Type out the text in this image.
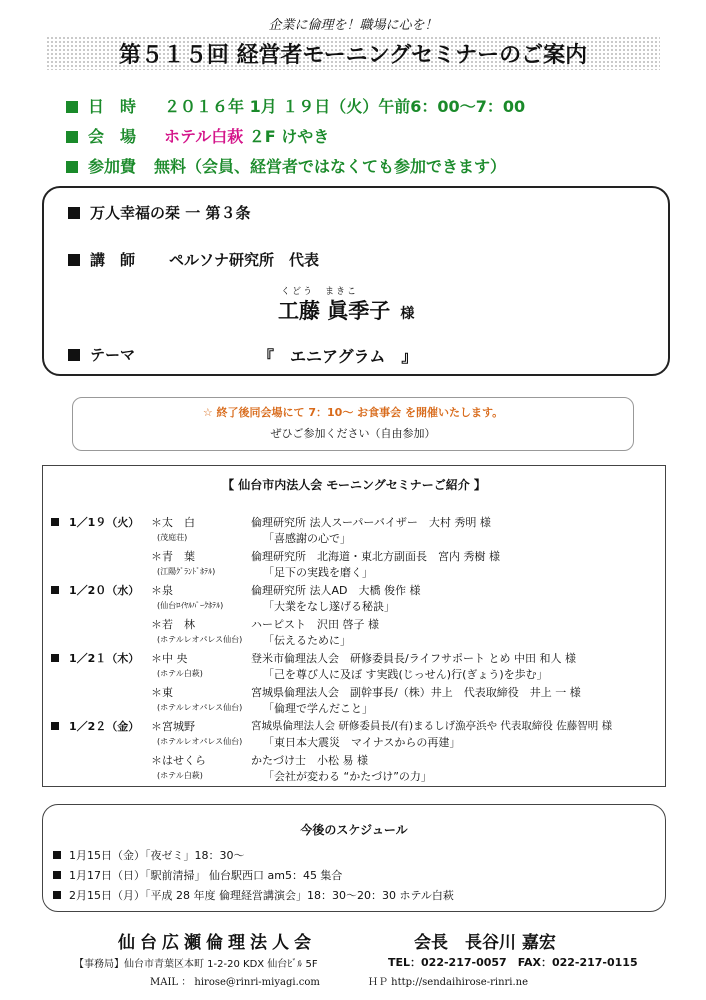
企業に倫理を！職場に心を！
第５１５回 経営者モーニングセミナーのご案内
日　時 ２０１６年 1月 １９日（火）午前6：00～7：00
会　場 ホテル白萩 ２F けやき
参加費 無料（会員、経営者ではなくても参加できます）
万人幸福の栞 一 第３条
講　師 ペルソナ研究所　代表
くどう　まきこ
工藤 眞季子 様
テーマ	『　エニアグラム　』
☆ 終了後同会場にて 7：10～ お食事会 を開催いたします。
ぜひご参加ください（自由参加）
【 仙台市内法人会 モーニングセミナーご紹介 】
1／1９（火） ＊太　白	倫理研究所 法人スーパーバイザー　大村 秀明 様
(茂庭荘)	「喜感謝の心で」
＊青　葉	倫理研究所　北海道・東北方副面長　宮内 秀樹 様
(江陽ｸﾞﾗﾝﾄﾞﾎﾃﾙ)	「足下の実践を磨く」
1／2０（水） ＊泉	倫理研究所 法人AD　大橋 俊作 様
(仙台ﾛｲﾔﾙﾊﾟｰｸﾎﾃﾙ)	「大業をなし遂げる秘訣」
＊若　林	ハーピスト　沢田 啓子 様
(ホテルレオパレス仙台) 「伝えるために」
1／2１（木） ＊中 央	登米市倫理法人会　研修委員長/ライフサポート とめ 中田 和人 様
(ホテル白萩)	「己を尊び人に及ぼ す実践(じっせん)行(ぎょう)を歩む」
＊東	宮城県倫理法人会　副幹事長/（株）井上　代表取締役　井上 一 様
(ホテルレオパレス仙台) 「倫理で学んだこと」
1／2２（金） ＊宮城野	宮城県倫理法人会 研修委員長/(有)まるしげ漁亭浜や 代表取締役 佐藤智明 様
(ホテルレオパレス仙台) 「東日本大震災　マイナスからの再建」
＊はせくら	かたづけ士　小松 易 様
(ホテル白萩)	「会社が変わる “かたづけ”の力」
今後のスケジュール
1月15日（金）「夜ゼミ」18：30～
1月17日（日）「駅前清掃」 仙台駅西口 am5：45 集合
2月15日（月）「平成 28 年度 倫理経営講演会」18：30～20：30 ホテル白萩
仙台広瀬倫理法人会	会長　長谷川 嘉宏
【事務局】仙台市青葉区本町 1-2-20 KDX 仙台ﾋﾞﾙ 5F	TEL：022-217-0057　FAX：022-217-0115
MAIL ： hirose@rinri-miyagi.com	ＨＰ http://sendaihirose-rinri.ne
